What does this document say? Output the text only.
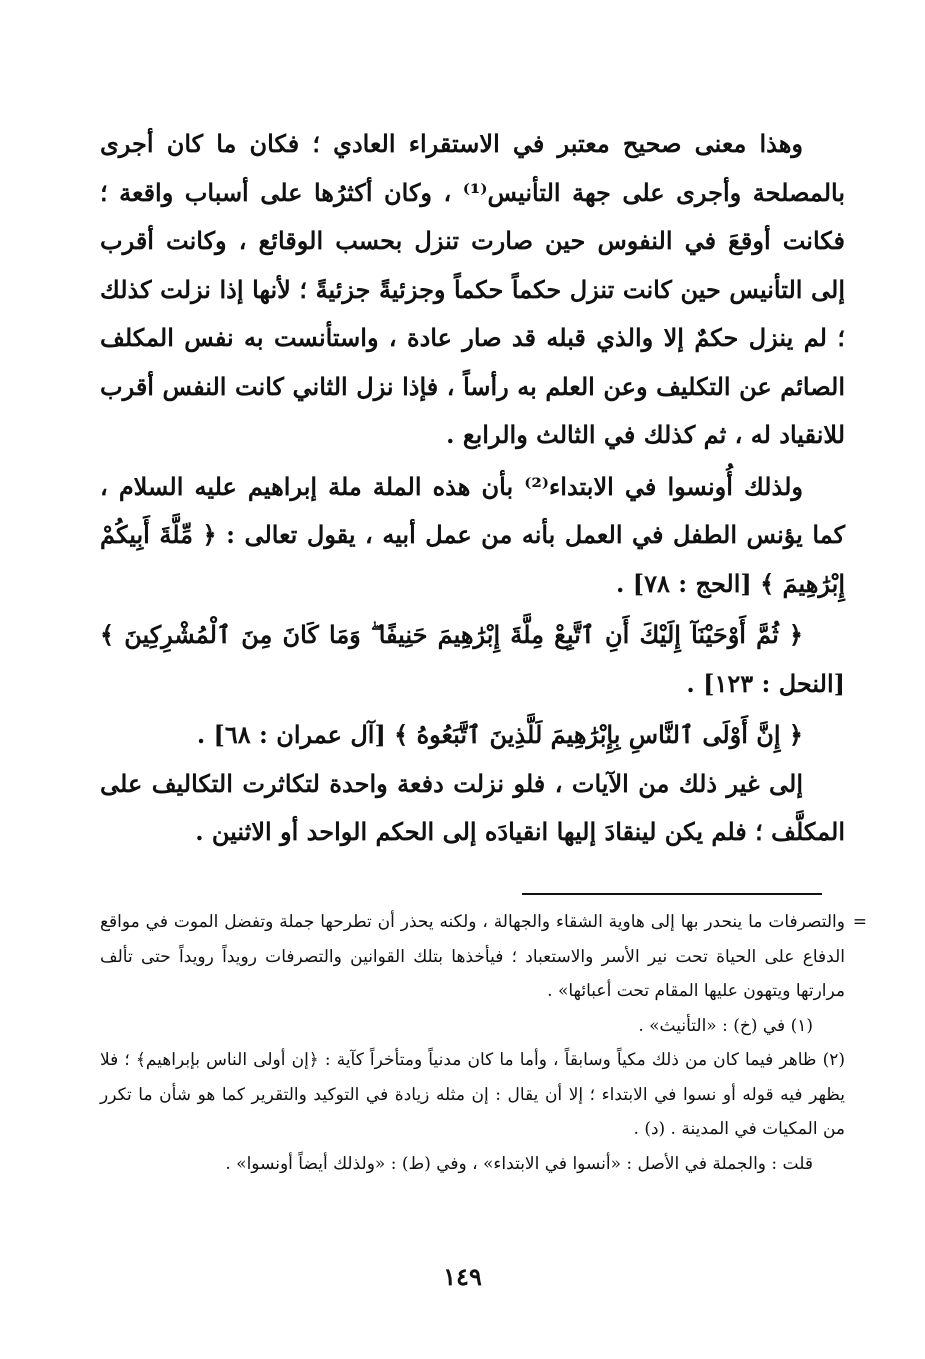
وهذا معنى صحيح معتبر في الاستقراء العادي ؛ فكان ما كان أجرى بالمصلحة وأجرى على جهة التأنيس⁽¹⁾ ، وكان أكثرُها على أسباب واقعة ؛ فكانت أوقعَ في النفوس حين صارت تنزل بحسب الوقائع ، وكانت أقرب إلى التأنيس حين كانت تنزل حكماً حكماً وجزئيةً جزئيةً ؛ لأنها إذا نزلت كذلك ؛ لم ينزل حكمٌ إلا والذي قبله قد صار عادة ، واستأنست به نفس المكلف الصائم عن التكليف وعن العلم به رأساً ، فإذا نزل الثاني كانت النفس أقرب للانقياد له ، ثم كذلك في الثالث والرابع .

ولذلك أُونسوا في الابتداء⁽²⁾ بأن هذه الملة ملة إبراهيم عليه السلام ، كما يؤنس الطفل في العمل بأنه من عمل أبيه ، يقول تعالى : ﴿ مِّلَّةَ أَبِيكُمْ إِبْرَٰهِيمَ ﴾ [الحج : ٧٨] .

﴿ ثُمَّ أَوْحَيْنَآ إِلَيْكَ أَنِ ٱتَّبِعْ مِلَّةَ إِبْرَٰهِيمَ حَنِيفًا ۖ وَمَا كَانَ مِنَ ٱلْمُشْرِكِينَ ﴾ [النحل : ١٢٣] .

﴿ إِنَّ أَوْلَى ٱلنَّاسِ بِإِبْرَٰهِيمَ لَلَّذِينَ ٱتَّبَعُوهُ ﴾ [آل عمران : ٦٨] .

إلى غير ذلك من الآيات ، فلو نزلت دفعة واحدة لتكاثرت التكاليف على المكلَّف ؛ فلم يكن لينقادَ إليها انقيادَه إلى الحكم الواحد أو الاثنين .

=
والتصرفات ما ينحدر بها إلى هاوية الشقاء والجهالة ، ولكنه يحذر أن تطرحها جملة وتفضل الموت في مواقع الدفاع على الحياة تحت نير الأسر والاستعباد ؛ فيأخذها بتلك القوانين والتصرفات رويداً رويداً حتى تألف مرارتها ويتهون عليها المقام تحت أعبائها» .

(١) في (خ) : «التأنيث» .

(٢) ظاهر فيما كان من ذلك مكياً وسابقاً ، وأما ما كان مدنياً ومتأخراً كآية : ﴿إن أولى الناس بإبراهيم﴾ ؛ فلا يظهر فيه قوله أو نسوا في الابتداء ؛ إلا أن يقال : إن مثله زيادة في التوكيد والتقرير كما هو شأن ما تكرر من المكيات في المدينة . (د) .

قلت : والجملة في الأصل : «أنسوا في الابتداء» ، وفي (ط) : «ولذلك أيضاً أونسوا» .

١٤٩
